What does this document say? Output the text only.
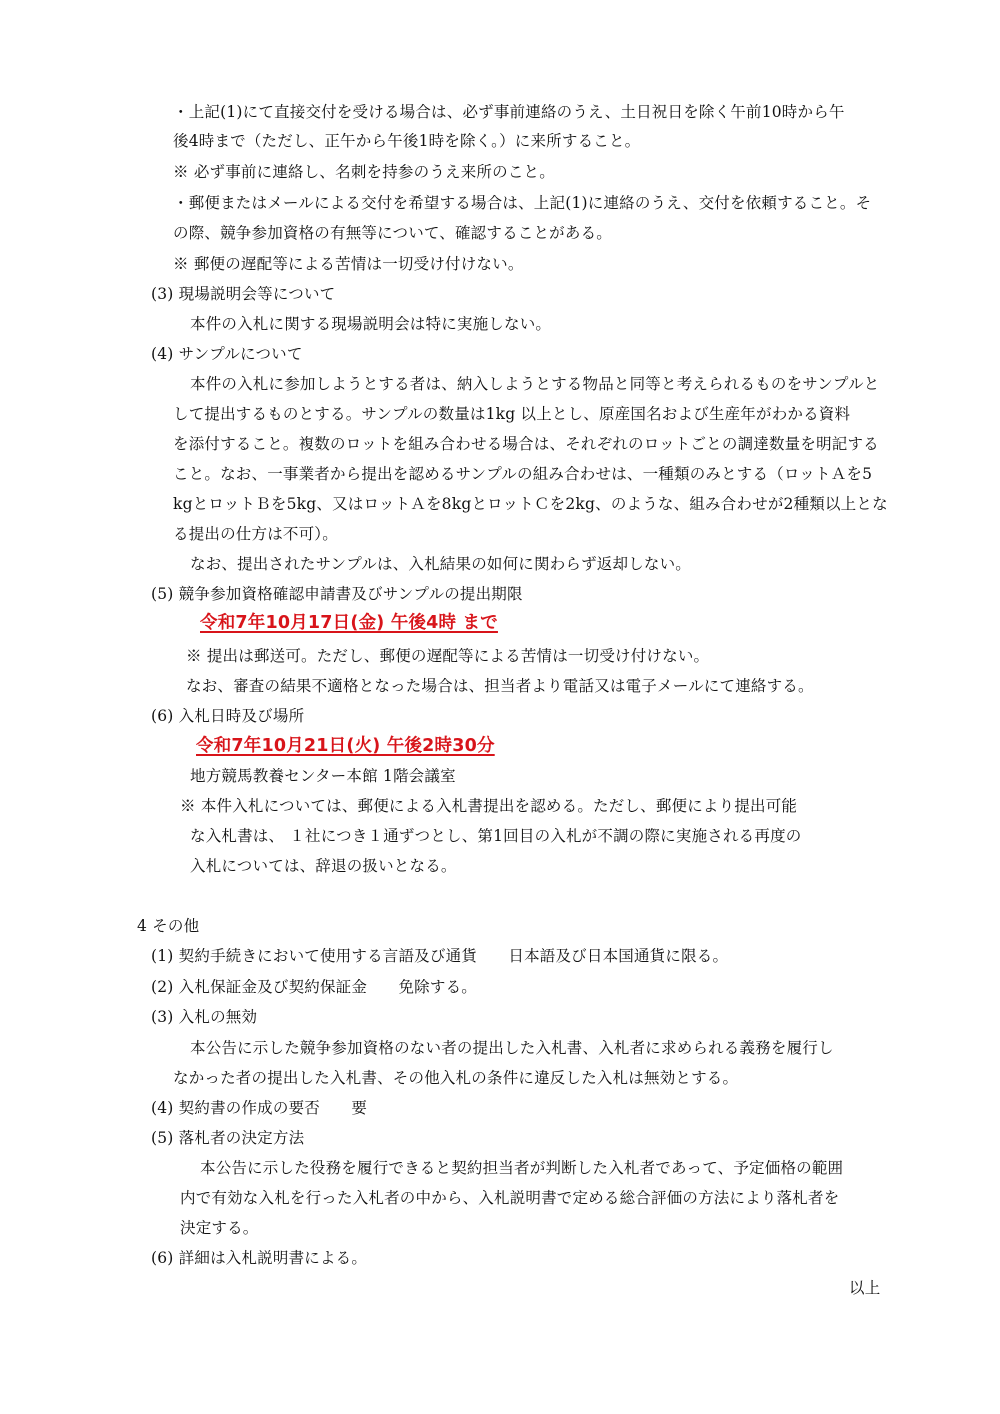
・上記(1)にて直接交付を受ける場合は、必ず事前連絡のうえ、土日祝日を除く午前10時から午
後4時まで（ただし、正午から午後1時を除く。）に来所すること。
※ 必ず事前に連絡し、名刺を持参のうえ来所のこと。
・郵便またはメールによる交付を希望する場合は、上記(1)に連絡のうえ、交付を依頼すること。そ
の際、競争参加資格の有無等について、確認することがある。
※ 郵便の遅配等による苦情は一切受け付けない。
(3) 現場説明会等について
本件の入札に関する現場説明会は特に実施しない。
(4) サンプルについて
本件の入札に参加しようとする者は、納入しようとする物品と同等と考えられるものをサンプルと
して提出するものとする。サンプルの数量は1kg 以上とし、原産国名および生産年がわかる資料
を添付すること。複数のロットを組み合わせる場合は、それぞれのロットごとの調達数量を明記する
こと。なお、一事業者から提出を認めるサンプルの組み合わせは、一種類のみとする（ロットＡを5
kgとロットＢを5kg、又はロットＡを8kgとロットＣを2kg、のような、組み合わせが2種類以上とな
る提出の仕方は不可）。
なお、提出されたサンプルは、入札結果の如何に関わらず返却しない。
(5) 競争参加資格確認申請書及びサンプルの提出期限
令和7年10月17日(金) 午後4時 まで
※ 提出は郵送可。ただし、郵便の遅配等による苦情は一切受け付けない。
なお、審査の結果不適格となった場合は、担当者より電話又は電子メールにて連絡する。
(6) 入札日時及び場所
令和7年10月21日(火) 午後2時30分
地方競馬教養センター本館 1階会議室
※ 本件入札については、郵便による入札書提出を認める。ただし、郵便により提出可能
な入札書は、 １社につき１通ずつとし、第1回目の入札が不調の際に実施される再度の
入札については、辞退の扱いとなる。
4 その他
(1) 契約手続きにおいて使用する言語及び通貨　　日本語及び日本国通貨に限る。
(2) 入札保証金及び契約保証金　　免除する。
(3) 入札の無効
本公告に示した競争参加資格のない者の提出した入札書、入札者に求められる義務を履行し
なかった者の提出した入札書、その他入札の条件に違反した入札は無効とする。
(4) 契約書の作成の要否　　要
(5) 落札者の決定方法
本公告に示した役務を履行できると契約担当者が判断した入札者であって、予定価格の範囲
内で有効な入札を行った入札者の中から、入札説明書で定める総合評価の方法により落札者を
決定する。
(6) 詳細は入札説明書による。
以上
